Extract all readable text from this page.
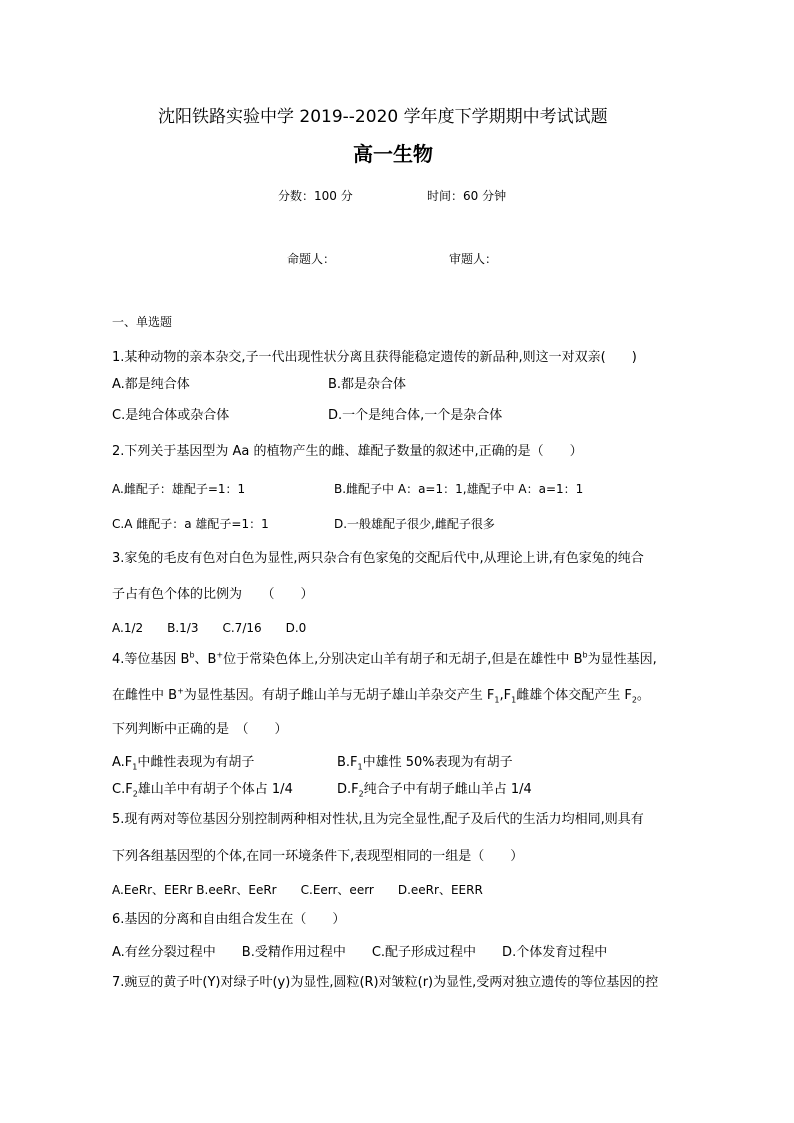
沈阳铁路实验中学 2019--2020 学年度下学期期中考试试题
高一生物
分数：100 分	时间：60 分钟
命题人：	审题人：
一、单选题
1.某种动物的亲本杂交,子一代出现性状分离且获得能稳定遗传的新品种,则这一对双亲(　　)
A.都是纯合体	B.都是杂合体
C.是纯合体或杂合体	D.一个是纯合体,一个是杂合体
2.下列关于基因型为 Aa 的植物产生的雌、雄配子数量的叙述中,正确的是（　　）
A.雌配子：雄配子=1：1	B.雌配子中 A：a=1：1,雄配子中 A：a=1：1
C.A 雌配子：a 雄配子=1：1	D.一般雄配子很少,雌配子很多
3.家兔的毛皮有色对白色为显性,两只杂合有色家兔的交配后代中,从理论上讲,有色家兔的纯合
子占有色个体的比例为　　（　　）
A.1/2　　B.1/3　　C.7/16　　D.0
4.等位基因 $B^b$、B+位于常染色体上,分别决定山羊有胡子和无胡子,但是在雄性中 $B^b$为显性基因,
在雌性中 B+为显性基因。有胡子雌山羊与无胡子雄山羊杂交产生 $F_1,F_1$雌雄个体交配产生 $F_2$。
下列判断中正确的是　（　　）
$A.F_1$中雌性表现为有胡子	$B.F_1$中雄性 50%表现为有胡子
$C.F_2$雄山羊中有胡子个体占 1/4	$D.F_2$纯合子中有胡子雌山羊占 1/4
5.现有两对等位基因分别控制两种相对性状,且为完全显性,配子及后代的生活力均相同,则具有
下列各组基因型的个体,在同一环境条件下,表现型相同的一组是（　　）
A.EeRr、EERr B.eeRr、EeRr　　C.Eerr、eerr　　D.eeRr、EERR
6.基因的分离和自由组合发生在（　　）
A.有丝分裂过程中　　B.受精作用过程中　　C.配子形成过程中　　D.个体发育过程中
7.豌豆的黄子叶(Y)对绿子叶(y)为显性,圆粒(R)对皱粒(r)为显性,受两对独立遗传的等位基因的控
